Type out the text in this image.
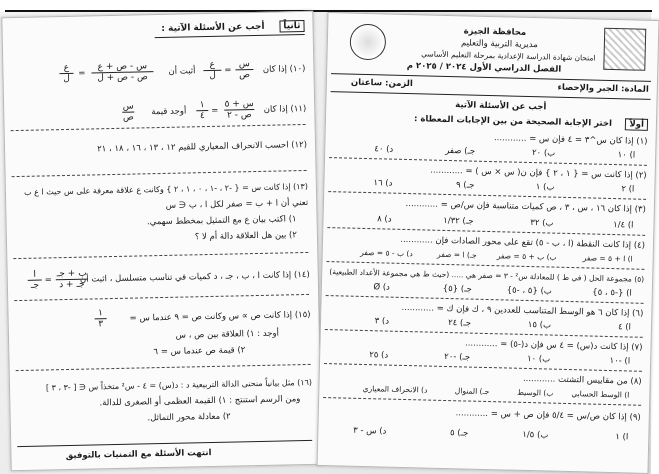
ثانياً
أجب عن الأسئلة الآتية :
(١٠) إذا كان
س
ص
=
ع
ل
أثبت أن
س - ص + ع
ص - ص + ل
=
ع
ل
(١١) إذا كان
س + ٥
ص - ٢
=
١
٤
أوجد قيمة
س
ص
(١٢) احسب الانحراف المعياري للقيم ١٢ ، ١٣ ، ١٦ ، ١٨ ، ٢١
(١٣) إذا كانت س = { -٢ ، -١ ، ٠ ، ١ ، ٢ } وكانت ع علاقة معرفة على س حيث ا ع ب
تعني أن ا + ب = صفر لكل ا ، ب ∈ س
١) اكتب بيان ع مع التمثيل بمخطط سهمي.
٢) بين هل العلاقة دالة أم لا ؟
(١٤) إذا كانت ا ، ب ، جـ ، د كميات في تناسب متسلسل ، اثبت أن
ب + جـ
جـ + د
=
ا
جـ
(١٥) إذا كانت ص ∝ س وكانت ص = ٩ عندما س =
١
٣
أوجد : ١) العلاقة بين ص ، س
٢) قيمة ص عندما س = ٦
(١٦) مثل بيانياً منحنى الدالة التربيعية د : د(س) = ٤ - س² متخذاً س ∈ [ -٣ ، ٣ ]
ومن الرسم استنتج : ١) القيمة العظمى أو الصغرى للدالة.
٢) معادلة محور التماثل.
انتهت الأسئلة مع التمنيات بالتوفيق
محافظة الجيزة
مديرية التربية والتعليم
امتحان شهادة الدراسة الإعدادية بمرحلة التعليم الأساسي
الفصل الدراسي الأول ٢٠٢٤ / ٢٠٢٥ م
المادة: الجبر والإحصاء
الزمن: ساعتان
أجب عن الأسئلة الآتية
أولاً
اختر الإجابة الصحيحة من بين الإجابات المعطاة :
(١) إذا كان س^٣ = ٤ فإن س = ............
ا) ١٠
ب) ٢٠
جـ) صفر
د) ٤٠
(٢) إذا كانت س = { ١ ، ٢ } فإن ن( س × س ) = ............
ا) ٢
ب) ١
جـ) ٩
د) ١٦
(٣) إذا كان ١٦ ، س ، ٣ ، ص كميات متناسبة فإن س/ص = ............
ا) ١/٤
ب) ٣٢
جـ) ١/٣٢
د) ٨
(٤) إذا كانت النقطة (ا ، ب - ٥) تقع على محور الصادات فإن ............
ا) ا + ٥ = صفر
ب) ب + ٥ = صفر
جـ) ا = صفر
د) ب - ٥ = صفر
(٥) مجموعة الحل ( في ط ) للمعادلة س² - ٣ = صفر هي ..... (حيث ط هي مجموعة الأعداد الطبيعية)
ا) {-٥ ، ٥}
ب) {٥ ، -٥}
جـ) {٥}
د) Ø
(٦) إذا كان ٦ هو الوسط المتناسب للعددين ٩ ، ك فإن ك = ............
ا) ٤
ب) ١٥
جـ) ٢٤
د) ٣
(٧) إذا كانت د(س) = ٤ س فإن د(-٥) = ............
ا) -١٠
ب) ١٠
جـ) -٢٠
د) ٢٥
(٨) من مقاييس التشتت ............
ا) الوسط الحسابي
ب) الوسيط
جـ) المنوال
د) الانحراف المعياري
(٩) إذا كان ص/س = ٥/٤ فإن ص + س = ............
ا) ١
ب) ١/٥
جـ) ٥
د) س - ٣
